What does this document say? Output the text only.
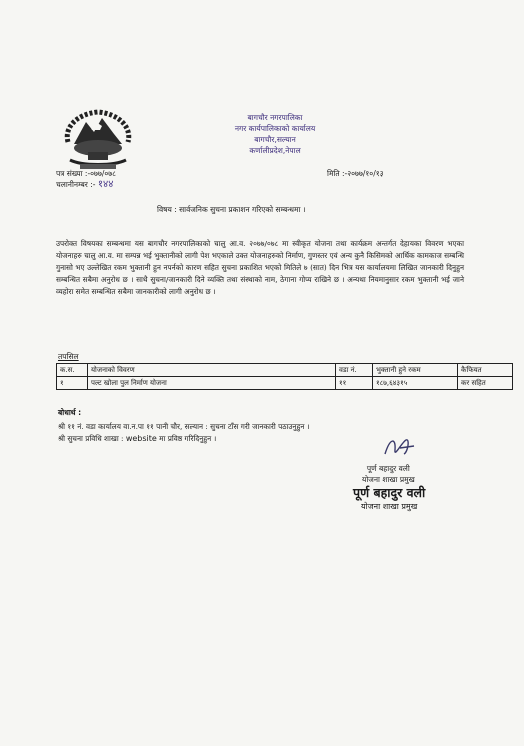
बागचौर नगरपालिका
नगर कार्यपालिकाको कार्यालय
बागचौर,सल्यान
कर्णालीप्रदेश,नेपाल
पत्र संख्या :-०७७/०७८
चलानीनम्बर :- १४४
मिति :-२०७७/१०/१३
विषय : सार्वजनिक सुचना प्रकाशन गरिएको सम्बन्धमा ।
उपरोक्त विषयका सम्बन्धमा यस बागचौर नगरपालिकाको चालु आ.व. २०७७/०७८ मा स्वीकृत योजना तथा कार्यक्रम अन्तर्गत देहायका विवरण भएका योजनाहरु चालु आ.व. मा सम्पन्न भई भुक्तानीको लागी पेश भएकाले उक्त योजनाहरुको निर्माण, गुणस्तर एवं अन्य कुनै किसिमको आर्थिक कामकाज सम्बन्धि गुनासो भए उल्लेखित रकम भुक्तानी हुन नपर्नको कारण सहित सुचना प्रकाशित भएको मितिले ७ (सात) दिन भित्र यस कार्यालयमा लिखित जानकारी दिनुहुन सम्बन्धित सबैमा अनुरोध छ । साथै सुचना/जानकारी दिने व्यक्ति तथा संस्थाको नाम, ठेगाना गोप्य राखिने छ । अन्यथा नियमानुसार रकम भुक्तानी भई जाने व्यहोरा समेत सम्बन्धित सबैमा जानकारीको लागी अनुरोध छ ।
तपसिल
क.स.	योजनाको विवरण	वडा नं.	भुक्तानी हुने रकम	कैफियत
१	पल्ट खोला पुल निर्माण योजना	११	१८७,६४३१५	कर सहित
बोधार्थ :
श्री ११ नं. वडा कार्यालय वा.न.पा ११ पानी चौर, सल्यान : सुचना टाँस गरी जानकारी पठाउनुहुन ।
श्री सुचना प्रविधि शाखा : website मा प्रविष्ठ गरिदिनुहुन ।
पूर्ण बहादुर वली
योजना शाखा प्रमुख
पूर्ण बहादुर वली
योजना शाखा प्रमुख
